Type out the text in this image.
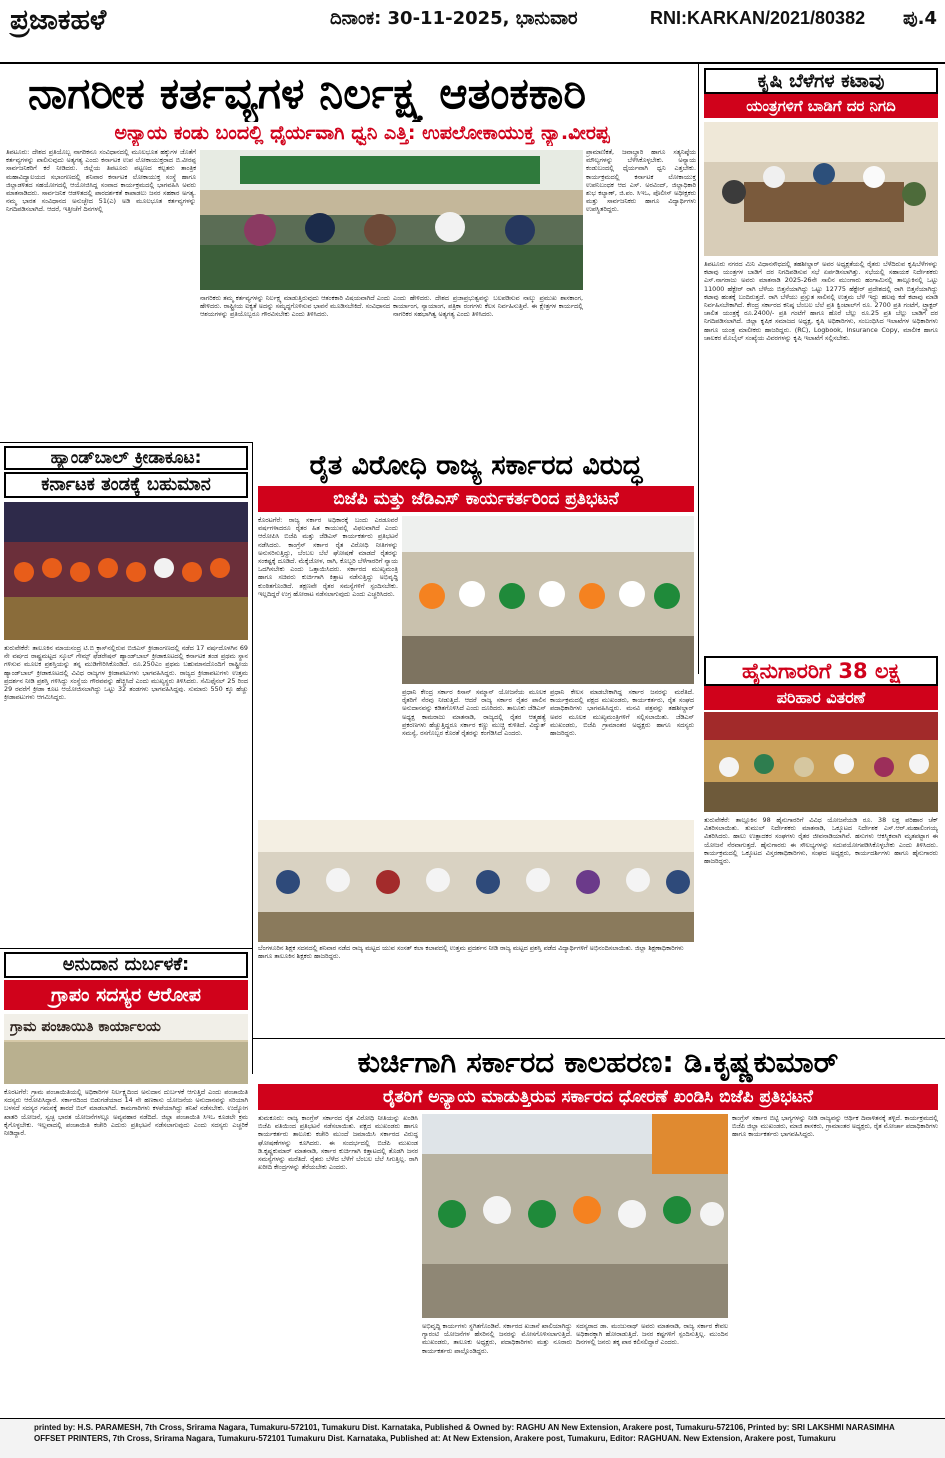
ಪ್ರಜಾಕಹಳೆ	ದಿನಾಂಕ: 30-11-2025, ಭಾನುವಾರ	RNI:KARKAN/2021/80382 ಪು.4
ನಾಗರೀಕ ಕರ್ತವ್ಯಗಳ ನಿರ್ಲಕ್ಷ್ಯ ಆತಂಕಕಾರಿ
ಅನ್ಯಾಯ ಕಂಡು ಬಂದಲ್ಲಿ ಧೈರ್ಯವಾಗಿ ಧ್ವನಿ ಎತ್ತಿ: ಉಪಲೋಕಾಯುಕ್ತ ನ್ಯಾ.ವೀರಪ್ಪ
ತಿಪಟೂರು: ದೇಶದ ಪ್ರತಿಯೊಬ್ಬ ನಾಗರಿಕನೂ ಸಂವಿಧಾನದಲ್ಲಿ ಮೂಲಭೂತ ಹಕ್ಕುಗಳ ಜೊತೆಗೆ ಕರ್ತವ್ಯಗಳನ್ನು ಪಾಲಿಸುವುದು ಅತ್ಯಗತ್ಯ ಎಂದು ಕರ್ನಾಟಕ ಉಪ ಲೋಕಾಯುಕ್ತರಾದ ಬಿ.ವೀರಪ್ಪ ಸಾರ್ವಜನಿಕರಿಗೆ ಕರೆ ನೀಡಿದರು. ಜಿಲ್ಲೆಯ ತಿಪಟೂರು ಪಟ್ಟಣದ ಕಲ್ಪತರು ತಾಂತ್ರಿಕ ಮಹಾವಿದ್ಯಾಲಯದ ಸಭಾಂಗಣದಲ್ಲಿ ಶನಿವಾರ ಕರ್ನಾಟಕ ಲೋಕಾಯುಕ್ತ ಸಂಸ್ಥೆ ಹಾಗೂ ಜಿಲ್ಲಾಡಳಿತದ ಸಹಯೋಗದಲ್ಲಿ ಆಯೋಜಿಸಿದ್ದ ಸಂವಾದ ಕಾರ್ಯಕ್ರಮದಲ್ಲಿ ಭಾಗವಹಿಸಿ ಅವರು ಮಾತನಾಡಿದರು. ಸಾರ್ವಜನಿಕ ಆಡಳಿತದಲ್ಲಿ ಪಾರದರ್ಶಕತೆ ಕಾಪಾಡಲು ಜನರ ಸಹಕಾರ ಅಗತ್ಯ. ನಮ್ಮ ಭಾರತ ಸಂವಿಧಾನದ ಅನುಚ್ಛೇದ 51(ಎ) ಅಡಿ ಮೂಲಭೂತ ಕರ್ತವ್ಯಗಳನ್ನು ನಿಗದಿಪಡಿಸಲಾಗಿದೆ. ಆದರೆ, ಇತ್ತೀಚೆಗೆ ದಿನಗಳಲ್ಲಿ
ನಾಗರಿಕರು ತಮ್ಮ ಕರ್ತವ್ಯಗಳನ್ನು ನಿರ್ಲಕ್ಷ್ಯ ಮಾಡುತ್ತಿರುವುದು ಆತಂಕಕಾರಿ ವಿಷಯವಾಗಿದೆ ಎಂದು ಹೇಳಿದರು. ರಾಷ್ಟ್ರೀಯ ಐಕ್ಯತೆ ಅದನ್ನು ಸಮೃದ್ಧಗೊಳಿಸುವ ಭಾವನೆ ಮೂಡಿಸಬೇಕಿದೆ. ಸಂವಿಧಾನದ ಆಶಯಗಳನ್ನು ಪ್ರತಿಯೊಬ್ಬರೂ ಗೌರವಿಸಬೇಕು ಎಂದು ತಿಳಿಸಿದರು.
ಎಂದು ಹೇಳಿದರು. ದೇಶದ ಪ್ರಜಾಪ್ರಭುತ್ವವನ್ನು ಬಲಪಡಿಸುವ ನಾಲ್ಕು ಪ್ರಮುಖ ಶಾಸಕಾಂಗ, ಕಾರ್ಯಾಂಗ, ನ್ಯಾಯಾಂಗ, ಪತ್ರಿಕಾ ರಂಗಗಳು ಕೆಲಸ ನಿರ್ವಹಿಸುತ್ತಿವೆ. ಈ ಕ್ಷೇತ್ರಗಳ ಕಾರ್ಯದಲ್ಲಿ ನಾಗರಿಕರ ಸಹಭಾಗಿತ್ವ ಅತ್ಯಗತ್ಯ ಎಂದು ತಿಳಿಸಿದರು.
ಪ್ರಾಮಾಣಿಕತೆ, ಜವಾಬ್ದಾರಿ ಹಾಗೂ ಸತ್ಯನಿಷ್ಠೆಯ ಮೌಲ್ಯಗಳನ್ನು ಬೆಳೆಸಿಕೊಳ್ಳಬೇಕು. ಅನ್ಯಾಯ ಕಂಡುಬಂದಲ್ಲಿ ಧೈರ್ಯವಾಗಿ ಧ್ವನಿ ಎತ್ತಬೇಕು. ಕಾರ್ಯಕ್ರಮದಲ್ಲಿ ಕರ್ನಾಟಕ ಲೋಕಾಯುಕ್ತ ಉಪನಿಬಂಧಕ ಆದ ಎಸ್. ಅರವಿಂದ್, ಜಿಲ್ಲಾಧಿಕಾರಿ ಶುಭ ಕಲ್ಯಾಣ್, ಜಿ.ಪಂ. ಸಿಇಒ, ಪೊಲೀಸ್ ಅಧೀಕ್ಷಕರು ಮತ್ತು ಸಾರ್ವಜನಿಕರು ಹಾಗೂ ವಿದ್ಯಾರ್ಥಿಗಳು ಉಪಸ್ಥಿತರಿದ್ದರು.
ಕೃಷಿ ಬೆಳೆಗಳ ಕಟಾವು
ಯಂತ್ರಗಳಿಗೆ ಬಾಡಿಗೆ ದರ ನಿಗದಿ
ತಿಪಟೂರು ನಗರದ ಮಿನಿ ವಿಧಾನಸೌಧದಲ್ಲಿ ತಹಶೀಲ್ದಾರ್ ಅವರ ಅಧ್ಯಕ್ಷತೆಯಲ್ಲಿ ರೈತರು ಬೆಳೆದಿರುವ ಕೃಷಿಬೆಳೆಗಳನ್ನು ಕಟಾವು ಯಂತ್ರಗಳ ಬಾಡಿಗೆ ದರ ನಿಗದಿಪಡಿಸುವ ಸಭೆ ಏರ್ಪಡಿಸಲಾಗಿತ್ತು. ಸಭೆಯಲ್ಲಿ ಸಹಾಯಕ ನಿರ್ದೇಶಕರು ಎಸ್.ನಾಗರಾಜು ಅವರು ಮಾತನಾಡಿ 2025-26ನೇ ಸಾಲಿನ ಮುಂಗಾರು ಹಂಗಾಮಿನಲ್ಲಿ ತಾಲ್ಲೂಕಿನಲ್ಲಿ ಒಟ್ಟು 11000 ಹೆಕ್ಟೇರ್ ರಾಗಿ ಬೆಳೆಯ ಬಿತ್ತನೆಯಾಗಿದ್ದು ಒಟ್ಟು 12775 ಹೆಕ್ಟೇರ್ ಪ್ರದೇಶದಲ್ಲಿ ರಾಗಿ ಬಿತ್ತನೆಯಾಗಿದ್ದು ಕಟಾವು ಹಂತಕ್ಕೆ ಬಂದಿರುತ್ತದೆ. ರಾಗಿ ಬೆಳೆಯು ಪ್ರಸ್ತುತ ಸಾಲಿನಲ್ಲಿ ಉತ್ತಮ ಬೆಳೆ ಇದ್ದು ಹಲವು ಕಡೆ ಕಟಾವು ಮಾಡಿ ನಿರ್ವಹಿಸಬೇಕಾಗಿದೆ. ಕೇಂದ್ರ ಸರ್ಕಾರದ ಕನಿಷ್ಠ ಬೆಂಬಲ ಬೆಲೆ ಪ್ರತಿ ಕ್ವಿಂಟಾಲ್‌ಗೆ ರೂ. 2700 ಪ್ರತಿ ಗಂಟೆಗೆ, ಟ್ರ್ಯಾಕ್ಟರ್ ಚಾಲಿತ ಯಂತ್ರಕ್ಕೆ ರೂ.2400/- ಪ್ರತಿ ಗಂಟೆಗೆ ಹಾಗೂ ಹೊರೆ ಬೆಲ್ಲು ರೂ.25 ಪ್ರತಿ ಬೆಲ್ಲು ಬಾಡಿಗೆ ದರ ನಿಗದಿಪಡಿಸಲಾಗಿದೆ. ಜಿಲ್ಲಾ ಕೃಷಿಕ ಸಮಾಜದ ಅಧ್ಯಕ್ಷ, ಕೃಷಿ ಅಧಿಕಾರಿಗಳು, ಸಂಬಂಧಿಸಿದ ಇಲಾಖೆಗಳ ಅಧಿಕಾರಿಗಳು ಹಾಗೂ ಯಂತ್ರ ಮಾಲೀಕರು ಹಾಜರಿದ್ದರು. (RC), Logbook, Insurance Copy, ಮಾಲೀಕ ಹಾಗೂ ಚಾಲಕರ ಮೊಬೈಲ್ ಸಂಖ್ಯೆಯ ವಿವರಗಳನ್ನು ಕೃಷಿ ಇಲಾಖೆಗೆ ಸಲ್ಲಿಸಬೇಕು.
ಹೈನುಗಾರರಿಗೆ 38 ಲಕ್ಷ
ಪರಿಹಾರ ವಿತರಣೆ
ತುರುವೇಕೆರೆ: ತಾಲ್ಲೂಕಿನ 98 ಹೈನುಗಾರರಿಗೆ ವಿವಿಧ ಯೋಜನೆಯಡಿ ರೂ. 38 ಲಕ್ಷ ಪರಿಹಾರ ಚೆಕ್ ವಿತರಿಸಲಾಯಿತು. ತುಮುಲ್ ನಿರ್ದೇಶಕರು ಮಾತನಾಡಿ, ಒಕ್ಕೂಟದ ನಿರ್ದೇಶಕ ಎಸ್.ಆರ್.ಮಹಾಲಿಂಗಯ್ಯ ವಿತರಿಸಿದರು. ಹಾಲು ಉತ್ಪಾದಕರ ಸಂಘಗಳು ರೈತರ ಜೀವನಾಡಿಯಾಗಿವೆ. ಹಸುಗಳು ಆಕಸ್ಮಿಕವಾಗಿ ಮೃತಪಟ್ಟಾಗ ಈ ಯೋಜನೆ ನೆರವಾಗುತ್ತದೆ. ಹೈನುಗಾರರು ಈ ಸೌಲಭ್ಯಗಳನ್ನು ಸದುಪಯೋಗಪಡಿಸಿಕೊಳ್ಳಬೇಕು ಎಂದು ತಿಳಿಸಿದರು. ಕಾರ್ಯಕ್ರಮದಲ್ಲಿ ಒಕ್ಕೂಟದ ವಿಸ್ತರಣಾಧಿಕಾರಿಗಳು, ಸಂಘದ ಅಧ್ಯಕ್ಷರು, ಕಾರ್ಯದರ್ಶಿಗಳು ಹಾಗೂ ಹೈನುಗಾರರು ಹಾಜರಿದ್ದರು.
ಹ್ಯಾಂಡ್‌ಬಾಲ್ ಕ್ರೀಡಾಕೂಟ:
ಕರ್ನಾಟಕ ತಂಡಕ್ಕೆ ಬಹುಮಾನ
ತುರುವೇಕೆರೆ: ತಾಲೂಕಿನ ಮಾಯಸಂದ್ರ ಟಿ.ಬಿ ಕ್ರಾಸ್‌ನಲ್ಲಿರುವ ಬಿಜಿಎಸ್ ಕ್ರೀಡಾಂಗಣದಲ್ಲಿ ನಡೆದ 17 ವರ್ಷದೊಳಗಿನ 69 ನೇ ವರ್ಷದ ರಾಷ್ಟ್ರಮಟ್ಟದ ಸ್ಕೂಲ್ ಗೇಮ್ಸ್ ಫೆಡರೇಷನ್ ಹ್ಯಾಂಡ್‌ಬಾಲ್ ಕ್ರೀಡಾಕೂಟದಲ್ಲಿ ಕರ್ನಾಟಕ ತಂಡ ಪ್ರಥಮ ಸ್ಥಾನ ಗಳಿಸುವ ಮೂಲಕ ಪ್ರಶಸ್ತಿಯನ್ನು ತನ್ನ ಮುಡಿಗೇರಿಸಿಕೊಂಡಿದೆ. ರೂ.250ಎಂ ಪ್ರಥಮ ಬಹುಮಾನದೊಂದಿಗೆ ರಾಷ್ಟ್ರೀಯ ಹ್ಯಾಂಡ್‌ಬಾಲ್ ಕ್ರೀಡಾಕೂಟದಲ್ಲಿ ವಿವಿಧ ರಾಜ್ಯಗಳ ಕ್ರೀಡಾಪಟುಗಳು ಭಾಗವಹಿಸಿದ್ದರು. ರಾಜ್ಯದ ಕ್ರೀಡಾಪಟುಗಳು ಉತ್ತಮ ಪ್ರದರ್ಶನ ನೀಡಿ ಪ್ರಶಸ್ತಿ ಗಳಿಸಿದ್ದು ಸಂಸ್ಥೆಯ ಗೌರವವನ್ನು ಹೆಚ್ಚಿಸಿದೆ ಎಂದು ಮುಖ್ಯಸ್ಥರು ತಿಳಿಸಿದರು. ಸೆಮಿಫೈನಲ್ 25 ರಿಂದ 29 ರವರೆಗೆ ಕ್ರೀಡಾ ಕೂಟ ಆಯೋಜಿಸಲಾಗಿದ್ದು ಒಟ್ಟು 32 ತಂಡಗಳು ಭಾಗವಹಿಸಿದ್ದವು. ಸುಮಾರು 550 ಕ್ಕೂ ಹೆಚ್ಚು ಕ್ರೀಡಾಪಟುಗಳು ಆಗಮಿಸಿದ್ದರು.
ರೈತ ವಿರೋಧಿ ರಾಜ್ಯ ಸರ್ಕಾರದ ವಿರುದ್ಧ
ಬಿಜೆಪಿ ಮತ್ತು ಜೆಡಿಎಸ್ ಕಾರ್ಯಕರ್ತರಿಂದ ಪ್ರತಿಭಟನೆ
ಕೊರಟಗೆರೆ: ರಾಜ್ಯ ಸರ್ಕಾರ ಅಧಿಕಾರಕ್ಕೆ ಬಂದು ಎರಡೂವರೆ ವರ್ಷಗಳಾದರೂ ರೈತರ ಹಿತ ಕಾಯುವಲ್ಲಿ ವಿಫಲವಾಗಿದೆ ಎಂದು ಆರೋಪಿಸಿ ಬಿಜೆಪಿ ಮತ್ತು ಜೆಡಿಎಸ್ ಕಾರ್ಯಕರ್ತರು ಪ್ರತಿಭಟನೆ ನಡೆಸಿದರು. ಕಾಂಗ್ರೆಸ್ ಸರ್ಕಾರ ರೈತ ವಿರೋಧಿ ನೀತಿಗಳನ್ನು ಅನುಸರಿಸುತ್ತಿದ್ದು, ಬೆಂಬಲ ಬೆಲೆ ಘೋಷಣೆ ಮಾಡದೆ ರೈತರನ್ನು ಸಂಕಷ್ಟಕ್ಕೆ ದೂಡಿದೆ. ಮೆಕ್ಕೆಜೋಳ, ರಾಗಿ, ಕೊಬ್ಬರಿ ಬೆಳೆಗಾರರಿಗೆ ನ್ಯಾಯ ಒದಗಿಸಬೇಕು ಎಂದು ಒತ್ತಾಯಿಸಿದರು. ಸರ್ಕಾರದ ಮುಖ್ಯಮಂತ್ರಿ ಹಾಗೂ ಸಚಿವರು ಕುರ್ಚಿಗಾಗಿ ಕಿತ್ತಾಟ ನಡೆಸುತ್ತಿದ್ದು ಅಭಿವೃದ್ಧಿ ಕುಂಠಿತಗೊಂಡಿದೆ. ತಕ್ಷಣವೇ ರೈತರ ಸಮಸ್ಯೆಗಳಿಗೆ ಸ್ಪಂದಿಸಬೇಕು. ಇಲ್ಲದಿದ್ದರೆ ಉಗ್ರ ಹೋರಾಟ ನಡೆಸಲಾಗುವುದು ಎಂದು ಎಚ್ಚರಿಸಿದರು.
ಪ್ರಧಾನಿ ಕೇಂದ್ರ ಸರ್ಕಾರ ಕಿಸಾನ್ ಸಮ್ಮಾನ್ ಯೋಜನೆಯ ಮೂಲಕ ರೈತರಿಗೆ ನೆರವು ನೀಡುತ್ತಿದೆ. ಆದರೆ ರಾಜ್ಯ ಸರ್ಕಾರ ರೈತರ ಪಾಲಿನ ಅನುದಾನವನ್ನು ಕಡಿತಗೊಳಿಸಿದೆ ಎಂದು ದೂರಿದರು. ತಾಲೂಕು ಜೆಡಿಎಸ್ ಅಧ್ಯಕ್ಷ ಕಾಮರಾಜು ಮಾತನಾಡಿ, ರಾಜ್ಯದಲ್ಲಿ ರೈತರ ಆತ್ಮಹತ್ಯೆ ಪ್ರಕರಣಗಳು ಹೆಚ್ಚುತ್ತಿದ್ದರೂ ಸರ್ಕಾರ ಕಣ್ಣು ಮುಚ್ಚಿ ಕುಳಿತಿದೆ. ವಿದ್ಯುತ್ ಸಮಸ್ಯೆ, ರಸಗೊಬ್ಬರ ಕೊರತೆ ರೈತರನ್ನು ಕಂಗೆಡಿಸಿದೆ ಎಂದರು.
ಪ್ರಧಾನಿ ಕೇಲಸ ಮಾಡಬೇಕಾಗಿದ್ದ ಸರ್ಕಾರ ಜನರನ್ನು ಮರೆತಿದೆ. ಕಾರ್ಯಕ್ರಮದಲ್ಲಿ ಪಕ್ಷದ ಮುಖಂಡರು, ಕಾರ್ಯಕರ್ತರು, ರೈತ ಸಂಘದ ಪದಾಧಿಕಾರಿಗಳು ಭಾಗವಹಿಸಿದ್ದರು. ಮನವಿ ಪತ್ರವನ್ನು ತಹಶೀಲ್ದಾರ್ ಅವರ ಮೂಲಕ ಮುಖ್ಯಮಂತ್ರಿಗಳಿಗೆ ಸಲ್ಲಿಸಲಾಯಿತು. ಜೆಡಿಎಸ್ ಮುಖಂಡರು, ಬಿಜೆಪಿ ಗ್ರಾಮಾಂತರ ಅಧ್ಯಕ್ಷರು ಹಾಗೂ ಸದಸ್ಯರು ಹಾಜರಿದ್ದರು.
ಬೆಂಗಳೂರಿನ ಶಿಕ್ಷಕ ಸದನದಲ್ಲಿ ಶನಿವಾರ ನಡೆದ ರಾಜ್ಯ ಮಟ್ಟದ ಯುವ ಸಂಸತ್ ಕಲಾ ಕಲಾಪದಲ್ಲಿ ಉತ್ತಮ ಪ್ರದರ್ಶನ ನೀಡಿ ರಾಜ್ಯ ಮಟ್ಟದ ಪ್ರಶಸ್ತಿ ಪಡೆದ ವಿದ್ಯಾರ್ಥಿಗಳಿಗೆ ಅಭಿನಂದಿಸಲಾಯಿತು. ಜಿಲ್ಲಾ ಶಿಕ್ಷಣಾಧಿಕಾರಿಗಳು ಹಾಗೂ ತಾಲೂಕಿನ ಶಿಕ್ಷಕರು ಹಾಜರಿದ್ದರು.
ಅನುದಾನ ದುರ್ಬಳಕೆ:
ಗ್ರಾಪಂ ಸದಸ್ಯರ ಆರೋಪ
ಗ್ರಾಮ ಪಂಚಾಯಿತಿ ಕಾರ್ಯಾಲಯ
ಕೊರಟಗೆರೆ: ಗ್ರಾಮ ಪಂಚಾಯಿತಿಯಲ್ಲಿ ಅಧಿಕಾರಿಗಳ ನಿರ್ಲಕ್ಷ್ಯದಿಂದ ಅನುದಾನ ದುರ್ಬಳಕೆ ಆಗುತ್ತಿದೆ ಎಂದು ಪಂಚಾಯಿತಿ ಸದಸ್ಯರು ಆರೋಪಿಸಿದ್ದಾರೆ. ಸರ್ಕಾರದಿಂದ ಬಿಡುಗಡೆಯಾದ 14 ನೇ ಹಣಕಾಸು ಯೋಜನೆಯ ಅನುದಾನವನ್ನು ಸರಿಯಾಗಿ ಬಳಸದೆ ಸದಸ್ಯರ ಗಮನಕ್ಕೆ ತಾರದೆ ಬಿಲ್ ಮಾಡಲಾಗಿದೆ. ಕಾಮಗಾರಿಗಳು ಕಳಪೆಯಾಗಿದ್ದು ತನಿಖೆ ನಡೆಸಬೇಕು. ಉದ್ಯೋಗ ಖಾತರಿ ಯೋಜನೆ, ಸ್ವಚ್ಛ ಭಾರತ ಯೋಜನೆಗಳಲ್ಲೂ ಅವ್ಯವಹಾರ ನಡೆದಿದೆ. ಜಿಲ್ಲಾ ಪಂಚಾಯಿತಿ ಸಿಇಒ ಕೂಡಲೇ ಕ್ರಮ ಕೈಗೊಳ್ಳಬೇಕು. ಇಲ್ಲವಾದಲ್ಲಿ ಪಂಚಾಯಿತಿ ಕಚೇರಿ ಎದುರು ಪ್ರತಿಭಟನೆ ನಡೆಸಲಾಗುವುದು ಎಂದು ಸದಸ್ಯರು ಎಚ್ಚರಿಕೆ ನೀಡಿದ್ದಾರೆ.
ಕುರ್ಚಿಗಾಗಿ ಸರ್ಕಾರದ ಕಾಲಹರಣ: ಡಿ.ಕೃಷ್ಣಕುಮಾರ್
ರೈತರಿಗೆ ಅನ್ಯಾಯ ಮಾಡುತ್ತಿರುವ ಸರ್ಕಾರದ ಧೋರಣೆ ಖಂಡಿಸಿ ಬಿಜೆಪಿ ಪ್ರತಿಭಟನೆ
ತುಮಕೂರು: ರಾಜ್ಯ ಕಾಂಗ್ರೆಸ್ ಸರ್ಕಾರದ ರೈತ ವಿರೋಧಿ ನೀತಿಯನ್ನು ಖಂಡಿಸಿ ಬಿಜೆಪಿ ವತಿಯಿಂದ ಪ್ರತಿಭಟನೆ ನಡೆಸಲಾಯಿತು. ಪಕ್ಷದ ಮುಖಂಡರು ಹಾಗೂ ಕಾರ್ಯಕರ್ತರು ತಾಲೂಕು ಕಚೇರಿ ಮುಂದೆ ಜಮಾಯಿಸಿ ಸರ್ಕಾರದ ವಿರುದ್ಧ ಘೋಷಣೆಗಳನ್ನು ಕೂಗಿದರು. ಈ ಸಂದರ್ಭದಲ್ಲಿ ಬಿಜೆಪಿ ಮುಖಂಡ ಡಿ.ಕೃಷ್ಣಕುಮಾರ್ ಮಾತನಾಡಿ, ಸರ್ಕಾರ ಕುರ್ಚಿಗಾಗಿ ಕಿತ್ತಾಟದಲ್ಲಿ ತೊಡಗಿ ಜನರ ಸಮಸ್ಯೆಗಳನ್ನು ಮರೆತಿದೆ. ರೈತರು ಬೆಳೆದ ಬೆಳೆಗೆ ಬೆಂಬಲ ಬೆಲೆ ಸಿಗುತ್ತಿಲ್ಲ. ರಾಗಿ ಖರೀದಿ ಕೇಂದ್ರಗಳನ್ನು ತೆರೆಯಬೇಕು ಎಂದರು.
ಅಭಿವೃದ್ಧಿ ಕಾರ್ಯಗಳು ಸ್ಥಗಿತಗೊಂಡಿವೆ. ಸರ್ಕಾರದ ಖಜಾನೆ ಖಾಲಿಯಾಗಿದ್ದು ಗ್ಯಾರಂಟಿ ಯೋಜನೆಗಳ ಹೆಸರಿನಲ್ಲಿ ಜನರನ್ನು ಮೋಸಗೊಳಿಸಲಾಗುತ್ತಿದೆ. ಮುಖಂಡರು, ತಾಲೂಕು ಅಧ್ಯಕ್ಷರು, ಪದಾಧಿಕಾರಿಗಳು ಮತ್ತು ನೂರಾರು ಕಾರ್ಯಕರ್ತರು ಪಾಲ್ಗೊಂಡಿದ್ದರು.
ಸದಸ್ಯರಾದ ಡಾ. ಮಂಜುನಾಥ್ ಅವರು ಮಾತನಾಡಿ, ರಾಜ್ಯ ಸರ್ಕಾರ ಕೇವಲ ಅಧಿಕಾರಕ್ಕಾಗಿ ಹೋರಾಡುತ್ತಿದೆ. ಜನರ ಕಷ್ಟಗಳಿಗೆ ಸ್ಪಂದಿಸುತ್ತಿಲ್ಲ. ಮುಂದಿನ ದಿನಗಳಲ್ಲಿ ಜನರು ತಕ್ಕ ಪಾಠ ಕಲಿಸಲಿದ್ದಾರೆ ಎಂದರು.
ಕಾಂಗ್ರೆಸ್ ಸರ್ಕಾರ ಬಿಟ್ಟಿ ಭಾಗ್ಯಗಳನ್ನು ನೀಡಿ ರಾಜ್ಯವನ್ನು ಆರ್ಥಿಕ ದಿವಾಳಿತನಕ್ಕೆ ತಳ್ಳಿದೆ. ಕಾರ್ಯಕ್ರಮದಲ್ಲಿ ಬಿಜೆಪಿ ಜಿಲ್ಲಾ ಮುಖಂಡರು, ಮಾಜಿ ಶಾಸಕರು, ಗ್ರಾಮಾಂತರ ಅಧ್ಯಕ್ಷರು, ರೈತ ಮೋರ್ಚಾ ಪದಾಧಿಕಾರಿಗಳು ಹಾಗೂ ಕಾರ್ಯಕರ್ತರು ಭಾಗವಹಿಸಿದ್ದರು.
printed by: H.S. PARAMESH, 7th Cross, Srirama Nagara, Tumakuru-572101, Tumakuru Dist. Karnataka, Published & Owned by: RAGHU AN New Extension, Arakere post, Tumakuru-572106, Printed by: SRI LAKSHMI NARASIMHA
OFFSET PRINTERS, 7th Cross, Srirama Nagara, Tumakuru-572101 Tumakuru Dist. Karnataka, Published at: At New Extension, Arakere post, Tumakuru, Editor: RAGHUAN. New Extension, Arakere post, Tumakuru
